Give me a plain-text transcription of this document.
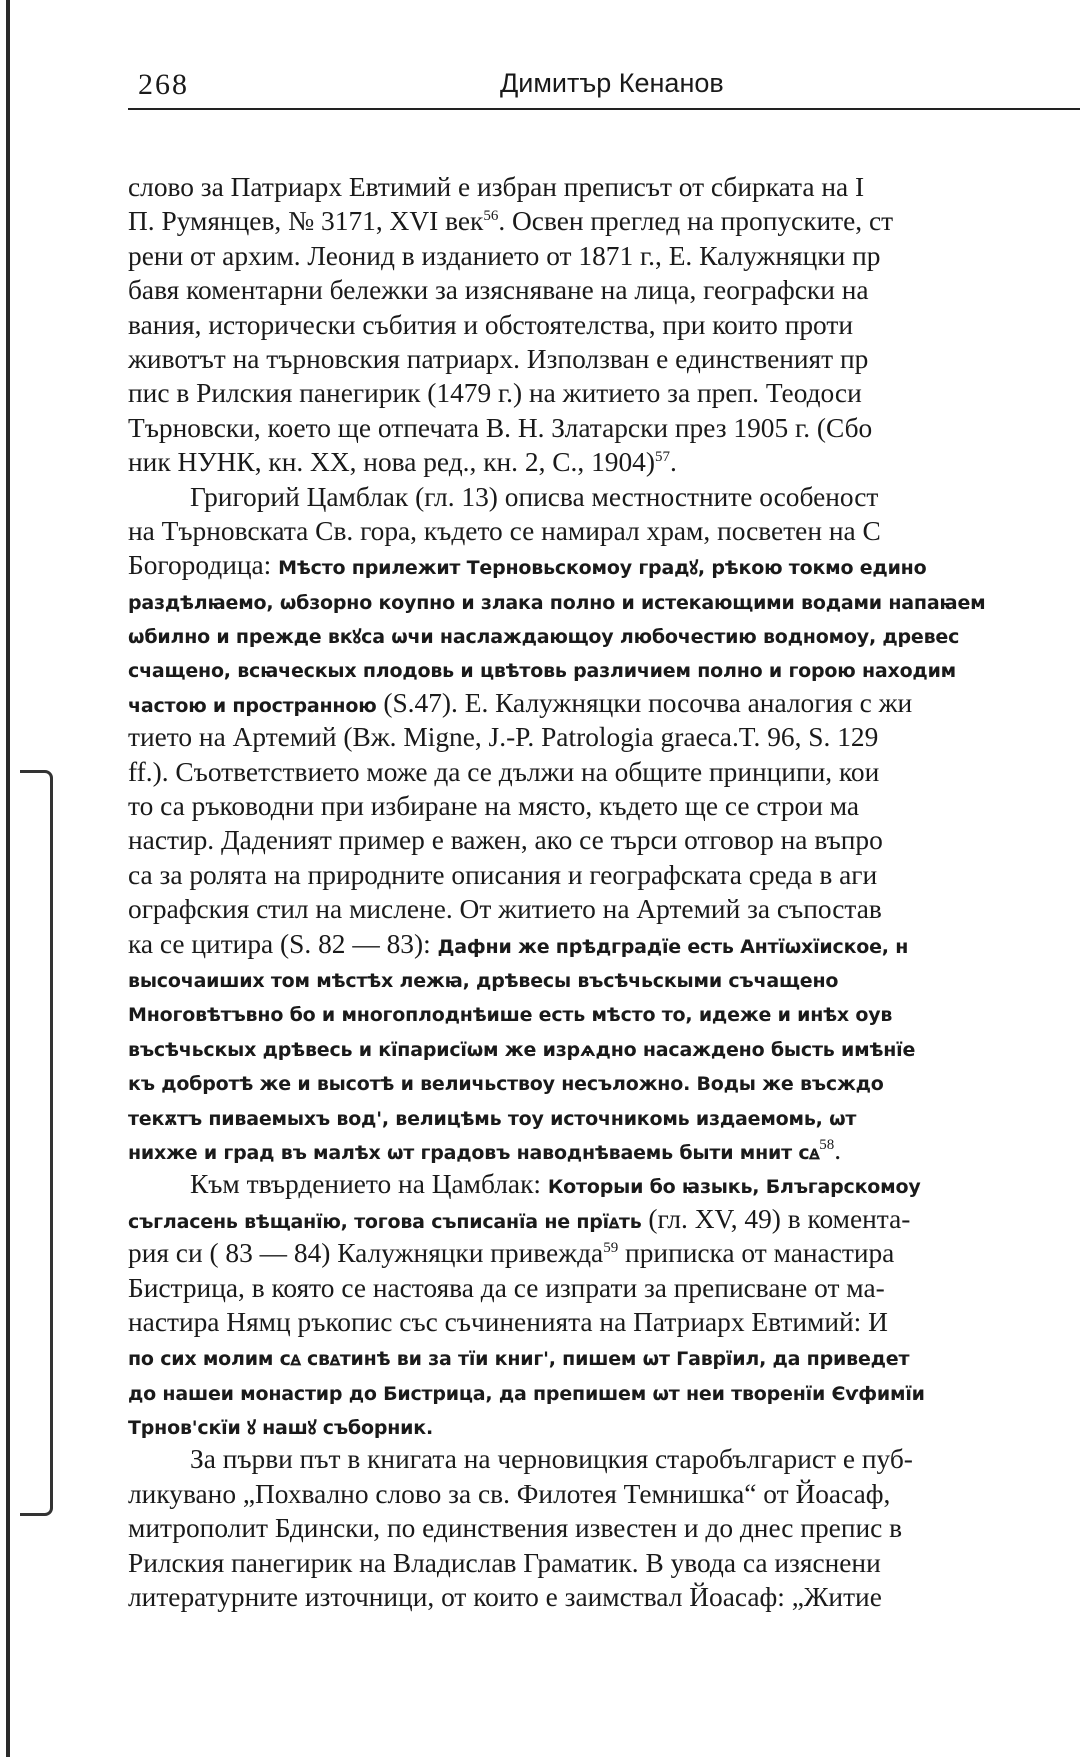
268	Димитър Кенанов
слово за Патриарх Евтимий е избран преписът от сбирката на I
П. Румянцев, № 3171, XVI век$^{56}$. Освен преглед на пропуските, ст
рени от архим. Леонид в изданието от 1871 г., Е. Калужняцки пр
бавя коментарни бележки за изясняване на лица, географски на
вания, исторически събития и обстоятелства, при които проти
животът на търновския патриарх. Използван е единственият пр
пис в Рилския панегирик (1479 г.) на житието за преп. Теодоси
Търновски, което ще отпечата В. Н. Златарски през 1905 г. (Сбо
ник НУНК, кн. XX, нова ред., кн. 2, С., 1904)$^{57}$.
Григорий Цамблак (гл. 13) описва местностните особеност
на Търновската Св. гора, където се намирал храм, посветен на С
Богородица: Мѣсто прилежит Терновьскомоу градꙋ, рѣкою токмо едино
раздѣлꙗемо, ѡбзорно коупно и злака полно и истекающими водами напаꙗем
ѡбилно и прежде вкꙋса ѡчи наслаждающоу любочестию водномоу, древес
счащено, всꙗческых плодовь и цвѣтовь различием полно и горою находим
частою и пространною (S.47). Е. Калужняцки посочва аналогия с жи
тието на Артемий (Вж. Migne, J.-P. Patrologia graeca.T. 96, S. 129
ff.). Съответствието може да се дължи на общите принципи, кои
то са ръководни при избиране на място, където ще се строи ма
настир. Даденият пример е важен, ако се търси отговор на въпро
са за ролята на природните описания и географската среда в аги
ографския стил на мислене. От житието на Артемий за съпостав
ка се цитира (S. 82 — 83): Дафни же прѣдградїе есть Антїѡхїиское, н
высочаиших том мѣстѣх лежꙗ, дрѣвесы въсѣчьскыми съчащено
Многовѣтъвно бо и многоплоднѣише есть мѣсто то, идеже и инѣх оув
въсѣчьскых дрѣвесь и кїпарисїѡм же изрѧдно насаждено бысть имѣнїе
къ добротѣ же и высотѣ и величьствоу несъложно. Воды же въсждо
текѫтъ пиваемыхъ вод', велицѣмь тоу источникомь издаемомь, ѡт
нихже и град въ малѣх ѡт градовъ наводнѣваемь быти мнит сꙙ$^{58}$.
Към твърдението на Цамблак: Которыи бо ꙗзыкь, Блъгарскомоу
съгласень вѣщанїю, тогова съписанїа не прїꙙть (гл. XV, 49) в комента-
рия си ( 83 — 84) Калужняцки привежда$^{59}$ приписка от манастира
Бистрица, в която се настоява да се изпрати за преписване от ма-
настира Нямц ръкопис със съчиненията на Патриарх Евтимий: И
по сих молим сꙙ свꙙтинѣ ви за тїи книг', пишем ѡт Гаврїил, да приведет
до нашеи монастир до Бистрица, да препишем ѡт неи творенїи Єѵфимїи
Трнов'скїи ꙋ нашꙋ съборник.
За първи път в книгата на черновицкия старобългарист е пуб-
ликувано „Похвално слово за св. Филотея Темнишка“ от Йоасаф,
митрополит Бдински, по единствения известен и до днес препис в
Рилския панегирик на Владислав Граматик. В увода са изяснени
литературните източници, от които е заимствал Йоасаф: „Житие
